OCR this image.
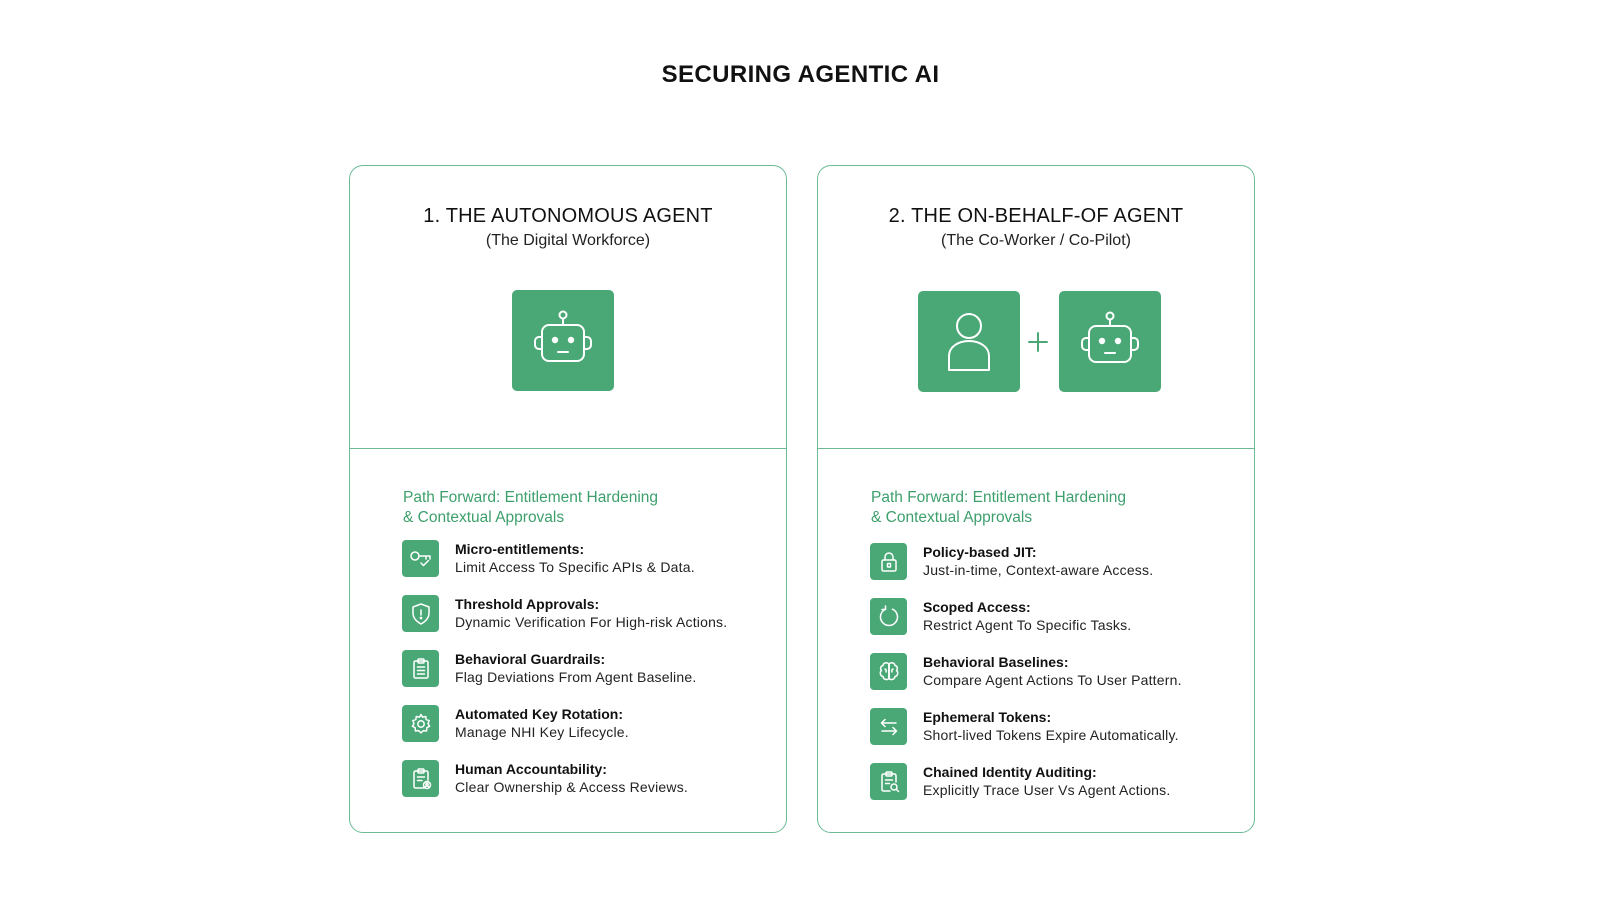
SECURING AGENTIC AI
1. THE AUTONOMOUS AGENT
(The Digital Workforce)
Path Forward: Entitlement Hardening
& Contextual Approvals
Micro-entitlements:
Limit Access To Specific APIs & Data.
Threshold Approvals:
Dynamic Verification For High-risk Actions.
Behavioral Guardrails:
Flag Deviations From Agent Baseline.
Automated Key Rotation:
Manage NHI Key Lifecycle.
Human Accountability:
Clear Ownership & Access Reviews.
2. THE ON-BEHALF-OF AGENT
(The Co-Worker / Co-Pilot)
Path Forward: Entitlement Hardening
& Contextual Approvals
Policy-based JIT:
Just-in-time, Context-aware Access.
Scoped Access:
Restrict Agent To Specific Tasks.
Behavioral Baselines:
Compare Agent Actions To User Pattern.
Ephemeral Tokens:
Short-lived Tokens Expire Automatically.
Chained Identity Auditing:
Explicitly Trace User Vs Agent Actions.
